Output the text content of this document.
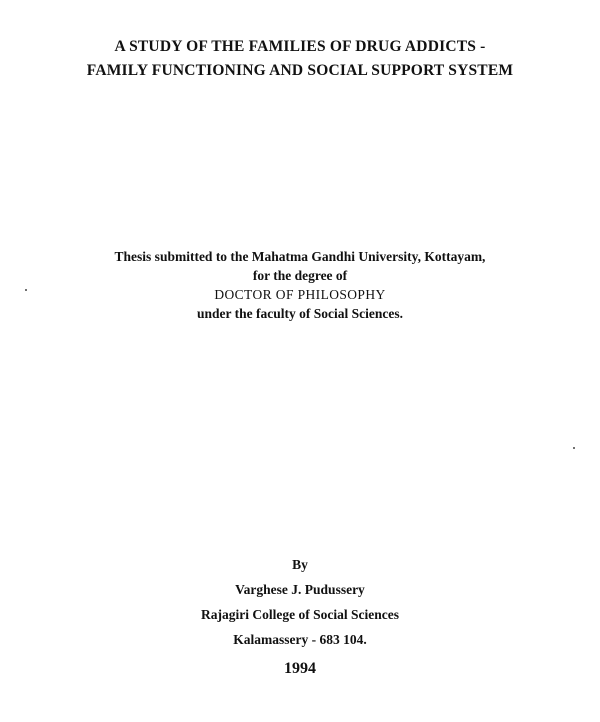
A STUDY OF THE FAMILIES OF DRUG ADDICTS -
FAMILY FUNCTIONING AND SOCIAL SUPPORT SYSTEM
Thesis submitted to the Mahatma Gandhi University, Kottayam,
for the degree of
DOCTOR OF PHILOSOPHY
under the faculty of Social Sciences.
By
Varghese J. Pudussery
Rajagiri College of Social Sciences
Kalamassery - 683 104.
1994
